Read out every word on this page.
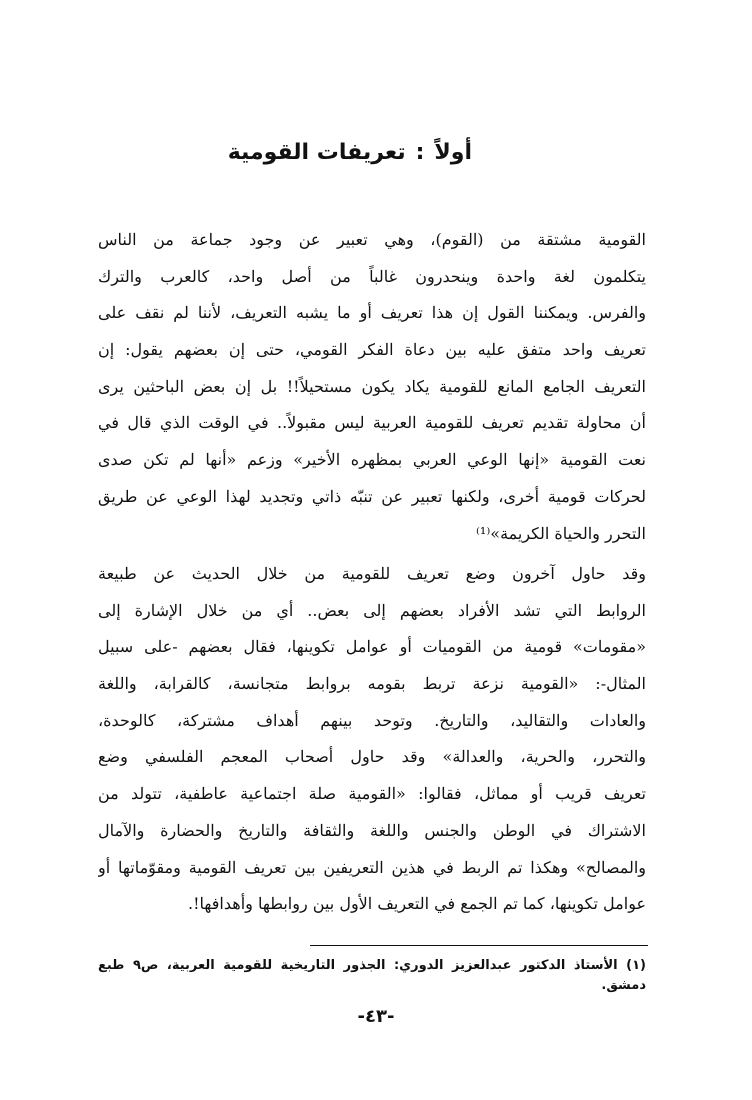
أولاً:تعريفات القومية
القومية مشتقة من (القوم)، وهي تعبير عن وجود جماعة من الناس
يتكلمون لغة واحدة وينحدرون غالباً من أصل واحد، كالعرب والترك
والفرس. ويمكننا القول إن هذا تعريف أو ما يشبه التعريف، لأننا لم نقف على
تعريف واحد متفق عليه بين دعاة الفكر القومي، حتى إن بعضهم يقول: إن
التعريف الجامع المانع للقومية يكاد يكون مستحيلاً!! بل إن بعض الباحثين يرى
أن محاولة تقديم تعريف للقومية العربية ليس مقبولاً.. في الوقت الذي قال في
نعت القومية «إنها الوعي العربي بمظهره الأخير» وزعم «أنها لم تكن صدى
لحركات قومية أخرى، ولكنها تعبير عن تنبّه ذاتي وتجديد لهذا الوعي عن طريق
التحرر والحياة الكريمة»⁽¹⁾
وقد حاول آخرون وضع تعريف للقومية من خلال الحديث عن طبيعة
الروابط التي تشد الأفراد بعضهم إلى بعض.. أي من خلال الإشارة إلى
«مقومات» قومية من القوميات أو عوامل تكوينها، فقال بعضهم -على سبيل
المثال-: «القومية نزعة تربط بقومه بروابط متجانسة، كالقرابة، واللغة
والعادات والتقاليد، والتاريخ. وتوحد بينهم أهداف مشتركة، كالوحدة،
والتحرر، والحرية، والعدالة» وقد حاول أصحاب المعجم الفلسفي وضع
تعريف قريب أو مماثل، فقالوا: «القومية صلة اجتماعية عاطفية، تتولد من
الاشتراك في الوطن والجنس واللغة والثقافة والتاريخ والحضارة والآمال
والمصالح» وهكذا تم الربط في هذين التعريفين بين تعريف القومية ومقوّماتها أو
عوامل تكوينها، كما تم الجمع في التعريف الأول بين روابطها وأهدافها!.
(١) الأستاذ الدكتور عبدالعزيز الدوري: الجذور التاريخية للقومية العربية، ص٩ طبع
دمشق.
-٤٣-
